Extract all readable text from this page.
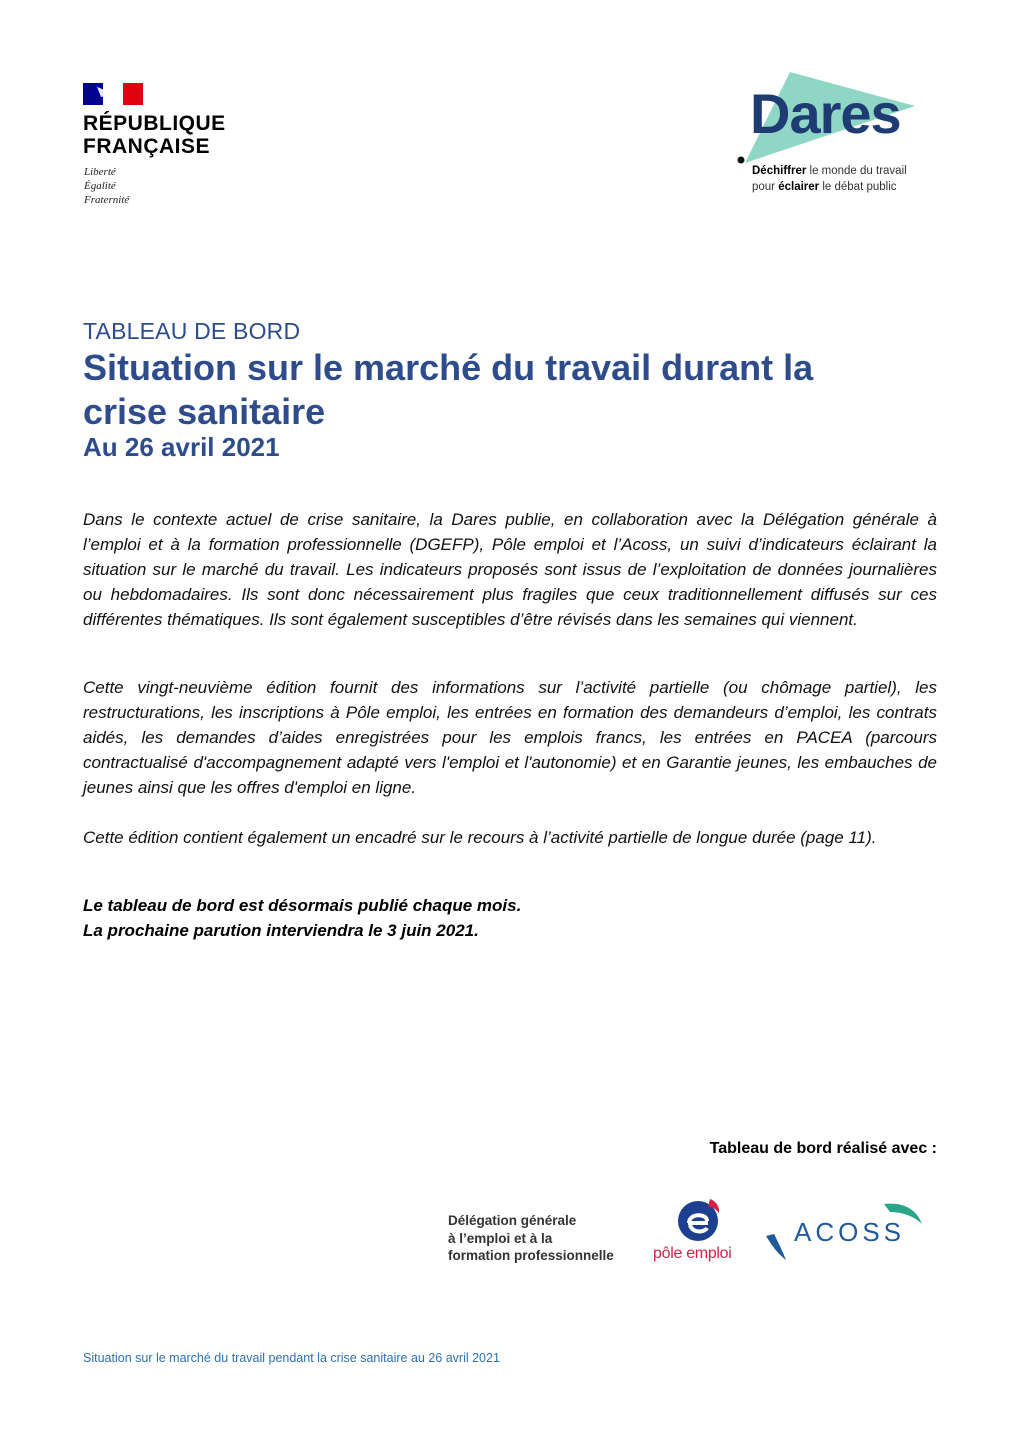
RÉPUBLIQUE
FRANÇAISE
Liberté
Égalité
Fraternité
Dares
Déchiffrer le monde du travail
pour éclairer le débat public
TABLEAU DE BORD
Situation sur le marché du travail durant la crise sanitaire
Au 26 avril 2021

Dans le contexte actuel de crise sanitaire, la Dares publie, en collaboration avec la Délégation générale à l’emploi et à la formation professionnelle (DGEFP), Pôle emploi et l’Acoss, un suivi d’indicateurs éclairant la situation sur le marché du travail. Les indicateurs proposés sont issus de l’exploitation de données journalières ou hebdomadaires. Ils sont donc nécessairement plus fragiles que ceux traditionnellement diffusés sur ces différentes thématiques. Ils sont également susceptibles d’être révisés dans les semaines qui viennent.

Cette vingt-neuvième édition fournit des informations sur l’activité partielle (ou chômage partiel), les restructurations, les inscriptions à Pôle emploi, les entrées en formation des demandeurs d’emploi, les contrats aidés, les demandes d’aides enregistrées pour les emplois francs, les entrées en PACEA (parcours contractualisé d'accompagnement adapté vers l'emploi et l'autonomie) et en Garantie jeunes, les embauches de jeunes ainsi que les offres d'emploi en ligne.

Cette édition contient également un encadré sur le recours à l’activité partielle de longue durée (page 11).

Le tableau de bord est désormais publié chaque mois.
La prochaine parution interviendra le 3 juin 2021.
Tableau de bord réalisé avec :
Délégation générale
à l’emploi et à la
formation professionnelle	pôle emploi
ACOSS
Situation sur le marché du travail pendant la crise sanitaire au 26 avril 2021
